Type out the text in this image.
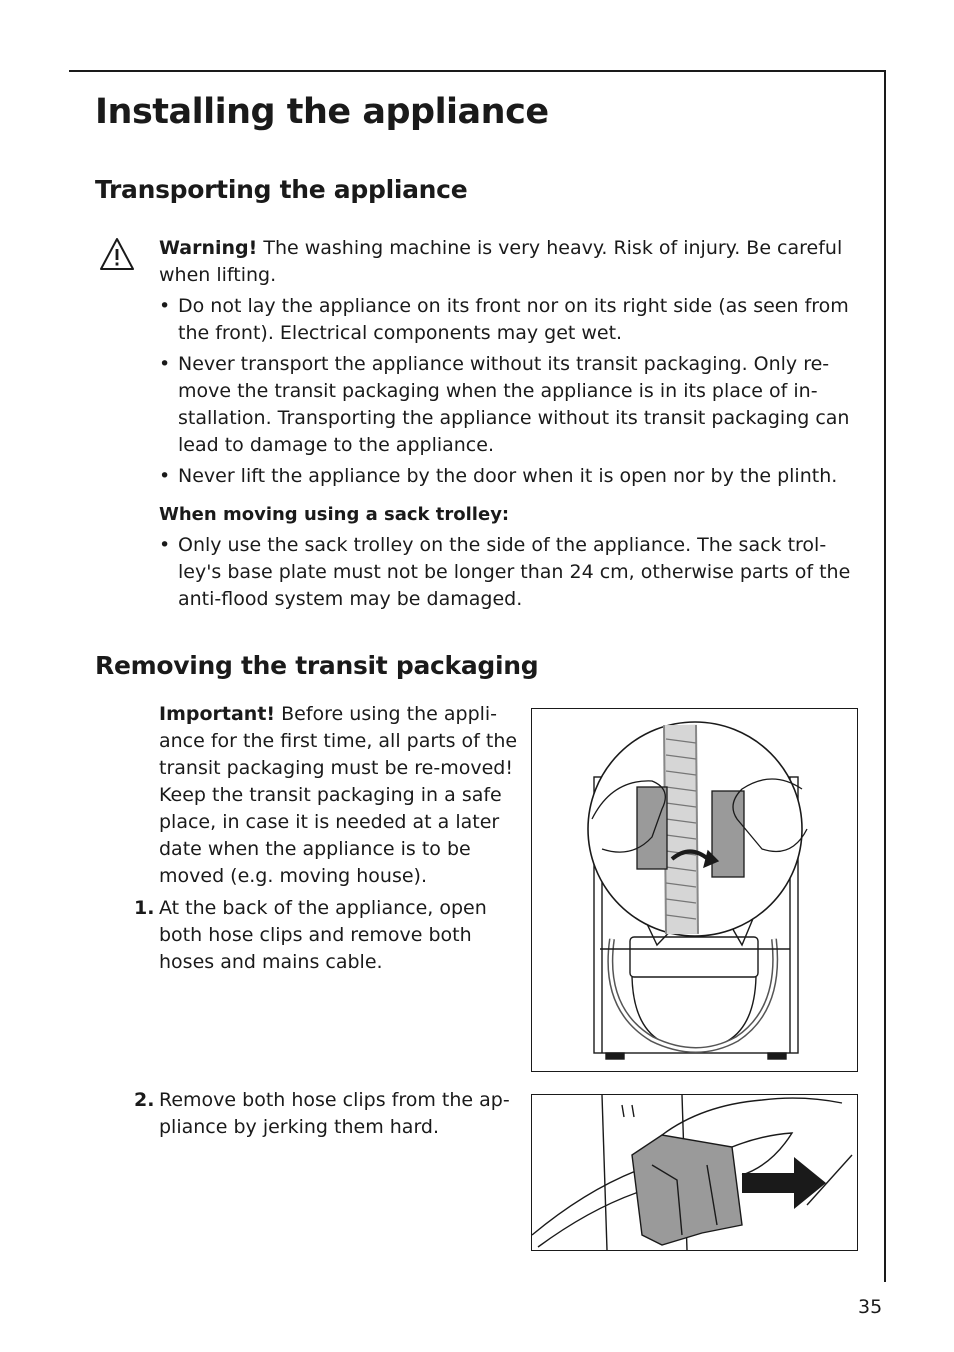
Installing the appliance
Transporting the appliance

Warning! The washing machine is very heavy. Risk of injury. Be careful when lifting.

• Do not lay the appliance on its front nor on its right side (as seen from the front). Electrical components may get wet.

• Never transport the appliance without its transit packaging. Only re-move the transit packaging when the appliance is in its place of in-stallation. Transporting the appliance without its transit packaging can lead to damage to the appliance.

• Never lift the appliance by the door when it is open nor by the plinth.

When moving using a sack trolley:

• Only use the sack trolley on the side of the appliance. The sack trol-ley's base plate must not be longer than 24 cm, otherwise parts of the anti-flood system may be damaged.

Removing the transit packaging

Important! Before using the appli-ance for the first time, all parts of the transit packaging must be re-moved! Keep the transit packaging in a safe place, in case it is needed at a later date when the appliance is to be moved (e.g. moving house).

1. At the back of the appliance, open both hose clips and remove both hoses and mains cable.
2. Remove both hose clips from the ap-pliance by jerking them hard.
35
